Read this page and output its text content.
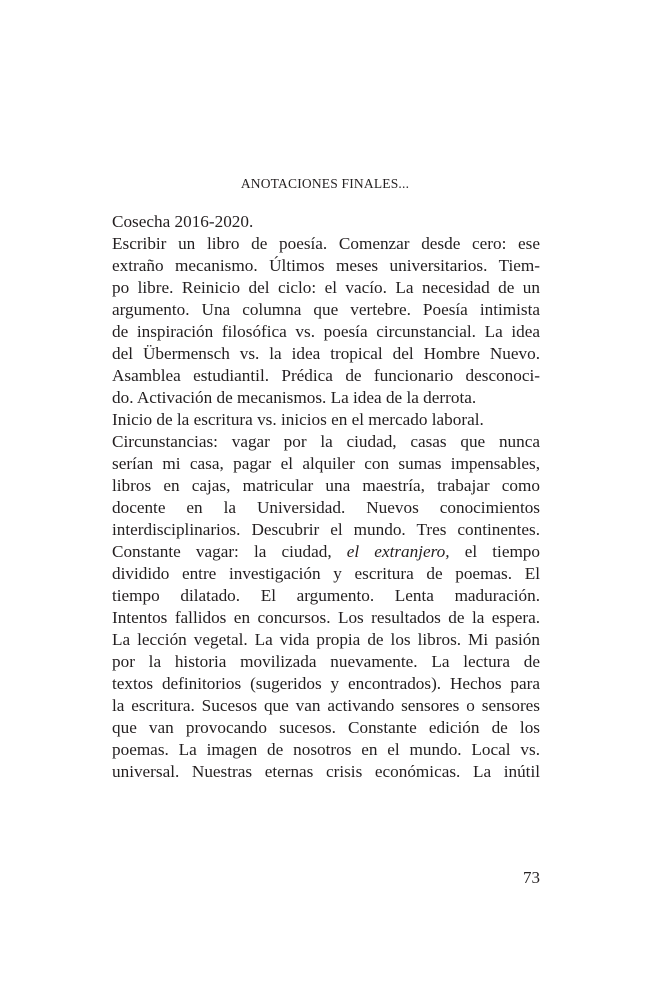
ANOTACIONES FINALES...
Cosecha 2016-2020.
Escribir un libro de poesía. Comenzar desde cero: ese
extraño mecanismo. Últimos meses universitarios. Tiem-
po libre. Reinicio del ciclo: el vacío. La necesidad de un
argumento. Una columna que vertebre. Poesía intimista
de inspiración filosófica vs. poesía circunstancial. La idea
del Übermensch vs. la idea tropical del Hombre Nuevo.
Asamblea estudiantil. Prédica de funcionario desconoci-
do. Activación de mecanismos. La idea de la derrota.
Inicio de la escritura vs. inicios en el mercado laboral.
Circunstancias: vagar por la ciudad, casas que nunca
serían mi casa, pagar el alquiler con sumas impensables,
libros en cajas, matricular una maestría, trabajar como
docente en la Universidad. Nuevos conocimientos
interdisciplinarios. Descubrir el mundo. Tres continentes.
Constante vagar: la ciudad, el extranjero, el tiempo
dividido entre investigación y escritura de poemas. El
tiempo dilatado. El argumento. Lenta maduración.
Intentos fallidos en concursos. Los resultados de la espera.
La lección vegetal. La vida propia de los libros. Mi pasión
por la historia movilizada nuevamente. La lectura de
textos definitorios (sugeridos y encontrados). Hechos para
la escritura. Sucesos que van activando sensores o sensores
que van provocando sucesos. Constante edición de los
poemas. La imagen de nosotros en el mundo. Local vs.
universal. Nuestras eternas crisis económicas. La inútil
73
